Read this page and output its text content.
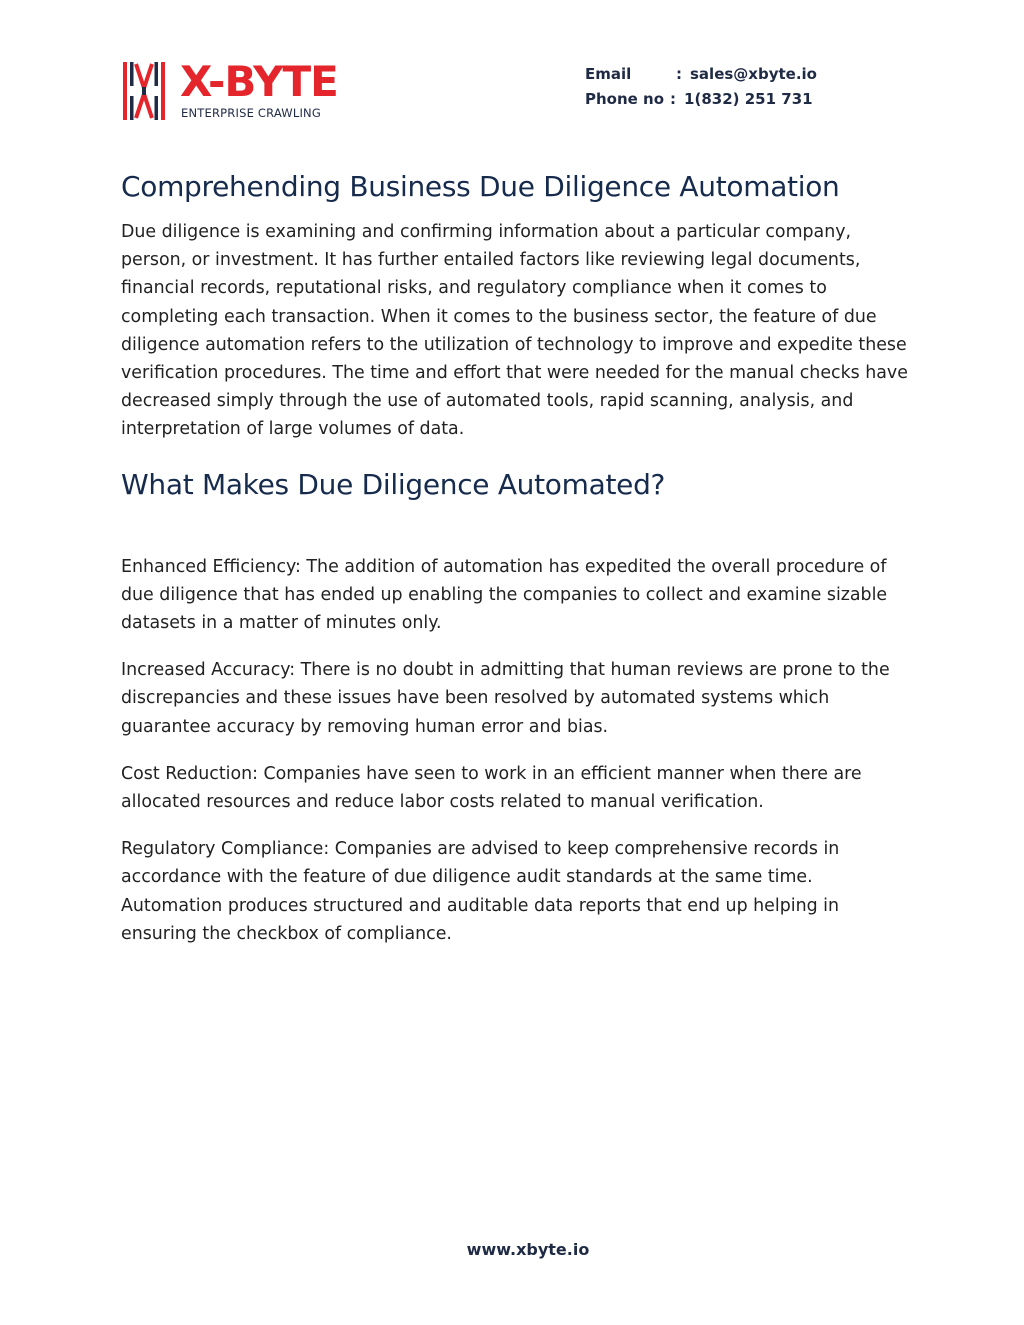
X-BYTE
ENTERPRISE CRAWLING
Email	: sales@xbyte.io
Phone no : 1(832) 251 731
Comprehending Business Due Diligence Automation

Due diligence is examining and confirming information about a particular company, person, or investment. It has further entailed factors like reviewing legal documents, financial records, reputational risks, and regulatory compliance when it comes to completing each transaction. When it comes to the business sector, the feature of due diligence automation refers to the utilization of technology to improve and expedite these verification procedures. The time and effort that were needed for the manual checks have decreased simply through the use of automated tools, rapid scanning, analysis, and interpretation of large volumes of data.

What Makes Due Diligence Automated?

Enhanced Efficiency: The addition of automation has expedited the overall procedure of due diligence that has ended up enabling the companies to collect and examine sizable datasets in a matter of minutes only.

Increased Accuracy: There is no doubt in admitting that human reviews are prone to the discrepancies and these issues have been resolved by automated systems which guarantee accuracy by removing human error and bias.

Cost Reduction: Companies have seen to work in an efficient manner when there are allocated resources and reduce labor costs related to manual verification.

Regulatory Compliance: Companies are advised to keep comprehensive records in accordance with the feature of due diligence audit standards at the same time. Automation produces structured and auditable data reports that end up helping in ensuring the checkbox of compliance.

www.xbyte.io
